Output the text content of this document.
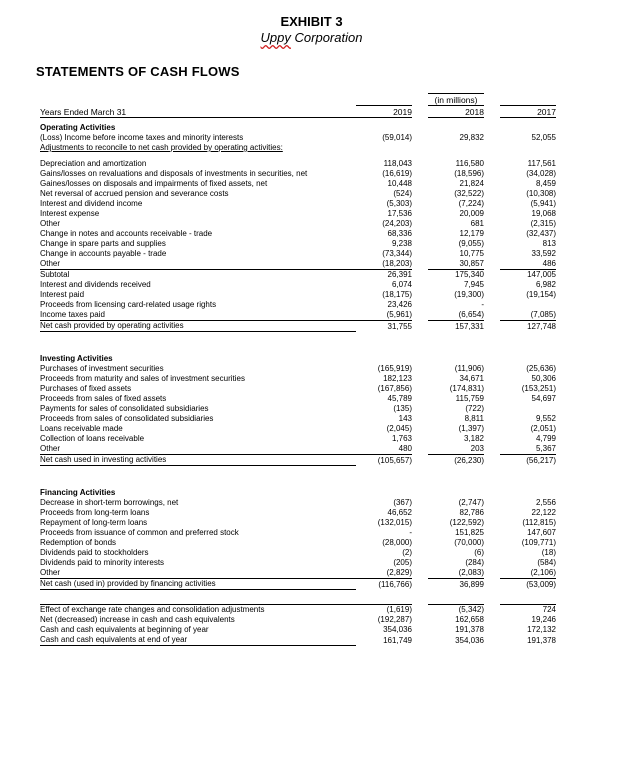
EXHIBIT 3
Uppy Corporation
STATEMENTS OF CASH FLOWS
			(in millions)		
Years Ended March 31	2019		2018		2017

Operating Activities					
(Loss) Income before income taxes and minority interests	(59,014)		29,832		52,055
Adjustments to reconcile to net cash provided by operating activities:					
Depreciation and amortization	118,043		116,580		117,561
Gains/losses on revaluations and disposals of investments in securities, net	(16,619)		(18,596)		(34,028)
Gaines/losses on disposals and impairments of fixed assets, net	10,448		21,824		8,459
Net reversal of accrued pension and severance costs	(524)		(32,522)		(10,308)
Interest and dividend income	(5,303)		(7,224)		(5,941)
Interest expense	17,536		20,009		19,068
Other	(24,203)		681		(2,315)
Change in notes and accounts receivable - trade	68,336		12,179		(32,437)
Change in spare parts and supplies	9,238		(9,055)		813
Change in accounts payable - trade	(73,344)		10,775		33,592
Other	(18,203)		30,857		486
Subtotal	26,391		175,340		147,005
Interest and dividends received	6,074		7,945		6,982
Interest paid	(18,175)		(19,300)		(19,154)
Proceeds from licensing card-related usage rights	23,426		-		
Income taxes paid	(5,961)		(6,654)		(7,085)
Net cash provided by operating activities	31,755		157,331		127,748

Investing Activities					
Purchases of investment securities	(165,919)		(11,906)		(25,636)
Proceeds from maturity and sales of investment securities	182,123		34,671		50,306
Purchases of fixed assets	(167,856)		(174,831)		(153,251)
Proceeds from sales of fixed assets	45,789		115,759		54,697
Payments for sales of consolidated subsidiaries	(135)		(722)		
Proceeds from sales of consolidated subsidiaries	143		8,811		9,552
Loans receivable made	(2,045)		(1,397)		(2,051)
Collection of loans receivable	1,763		3,182		4,799
Other	480		203		5,367
Net cash used in investing activities	(105,657)		(26,230)		(56,217)

Financing Activities					
Decrease in short-term borrowings, net	(367)		(2,747)		2,556
Proceeds from long-term loans	46,652		82,786		22,122
Repayment of long-term loans	(132,015)		(122,592)		(112,815)
Proceeds from issuance of common and preferred stock	-		151,825		147,607
Redemption of bonds	(28,000)		(70,000)		(109,771)
Dividends paid to stockholders	(2)		(6)		(18)
Dividends paid to minority interests	(205)		(284)		(584)
Other	(2,829)		(2,083)		(2,106)
Net cash (used in) provided by financing activities	(116,766)		36,899		(53,009)

Effect of exchange rate changes and consolidation adjustments	(1,619)		(5,342)		724
Net (decreased) increase in cash and cash equivalents	(192,287)		162,658		19,246
Cash and cash equivalents at beginning of year	354,036		191,378		172,132
Cash and cash equivalents at end of year	161,749		354,036		191,378
